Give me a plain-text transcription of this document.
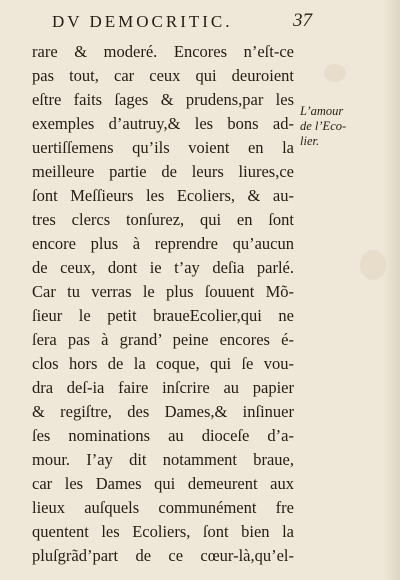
DV DEMOCRITIC.	37
rare & moderé. Encores n’eſt-ce
pas tout, car ceux qui deuroient
eſtre faits ſages & prudens,par les
exemples d’autruy,& les bons ad-
uertiſſemens qu’ils voient en la
meilleure partie de leurs liures,ce
ſont Meſſieurs les Ecoliers, & au-
tres clercs tonſurez, qui en ſont
encore plus à reprendre qu’aucun
de ceux, dont ie t’ay deſia parlé.
Car tu verras le plus ſouuent Mõ-
ſieur le petit braueEcolier,qui ne
ſera pas à grand’ peine encores é-
clos hors de la coque, qui ſe vou-
dra deſ-ia faire inſcrire au papier
& regiſtre, des Dames,& inſinuer
ſes nominations au dioceſe d’a-
mour. I’ay dit notamment braue,
car les Dames qui demeurent aux
lieux auſquels communément fre
quentent les Ecoliers, ſont bien la
pluſgrãd’part de ce cœur-là,qu’el-
L’amour
de l’Eco-
lier.
